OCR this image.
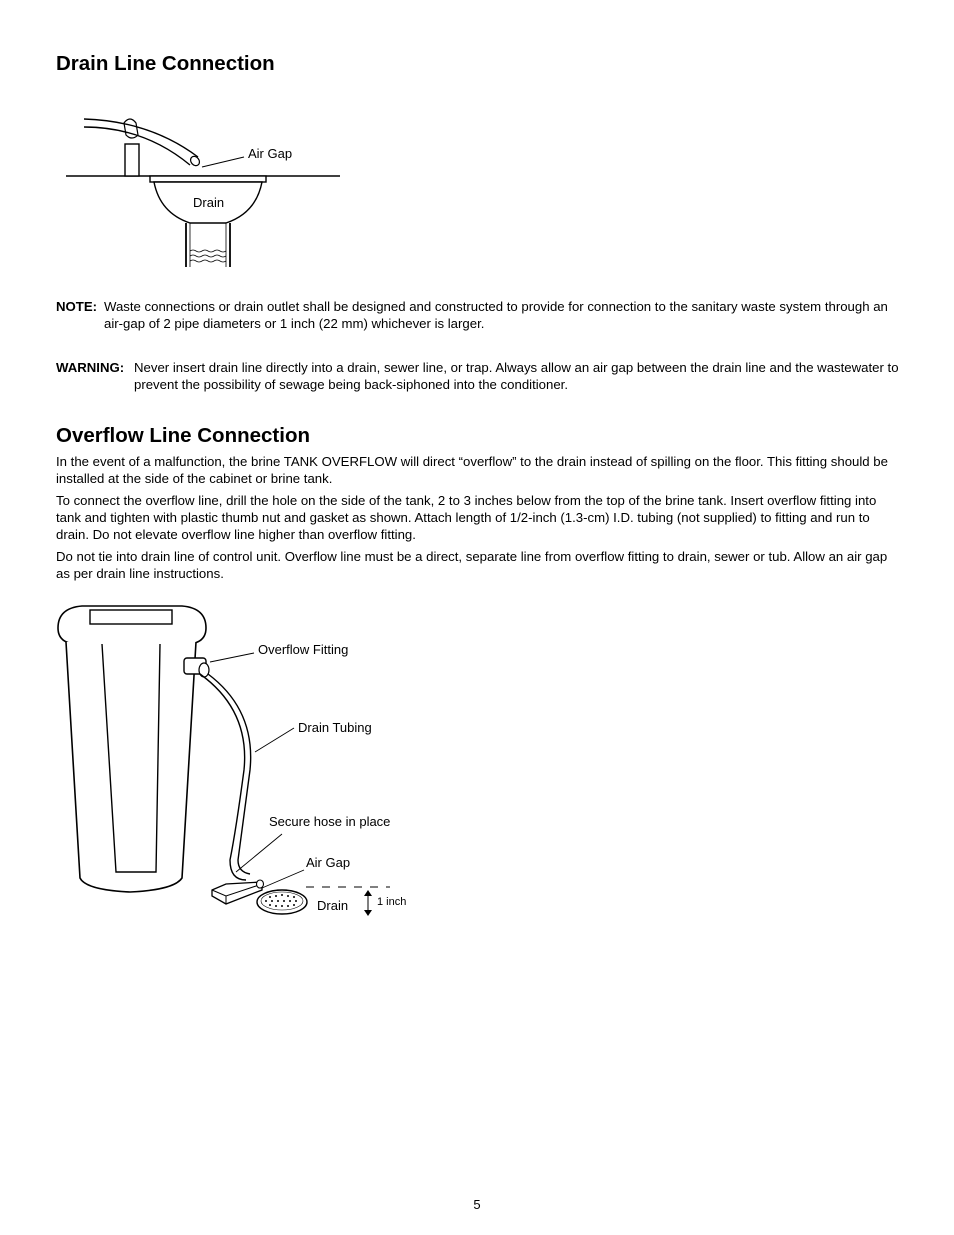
Drain Line Connection
Air Gap
Drain
NOTE: Waste connections or drain outlet shall be designed and constructed to provide for connection to the sanitary waste system through an air-gap of 2 pipe diameters or 1 inch (22 mm) whichever is larger.
WARNING: Never insert drain line directly into a drain, sewer line, or trap. Always allow an air gap between the drain line and the wastewater to prevent the possibility of sewage being back-siphoned into the conditioner.
Overflow Line Connection

In the event of a malfunction, the brine TANK OVERFLOW will direct “overflow” to the drain instead of spilling on the floor. This fitting should be installed at the side of the cabinet or brine tank.

To connect the overflow line, drill the hole on the side of the tank, 2 to 3 inches below from the top of the brine tank. Insert overflow fitting into tank and tighten with plastic thumb nut and gasket as shown. Attach length of 1/2-inch (1.3-cm) I.D. tubing (not supplied) to fitting and run to drain. Do not elevate overflow line higher than overflow fitting.

Do not tie into drain line of control unit. Overflow line must be a direct, separate line from overflow fitting to drain, sewer or tub. Allow an air gap as per drain line instructions.

Overflow Fitting
Drain Tubing
Secure hose in place
Air Gap
Drain	1 inch
5
